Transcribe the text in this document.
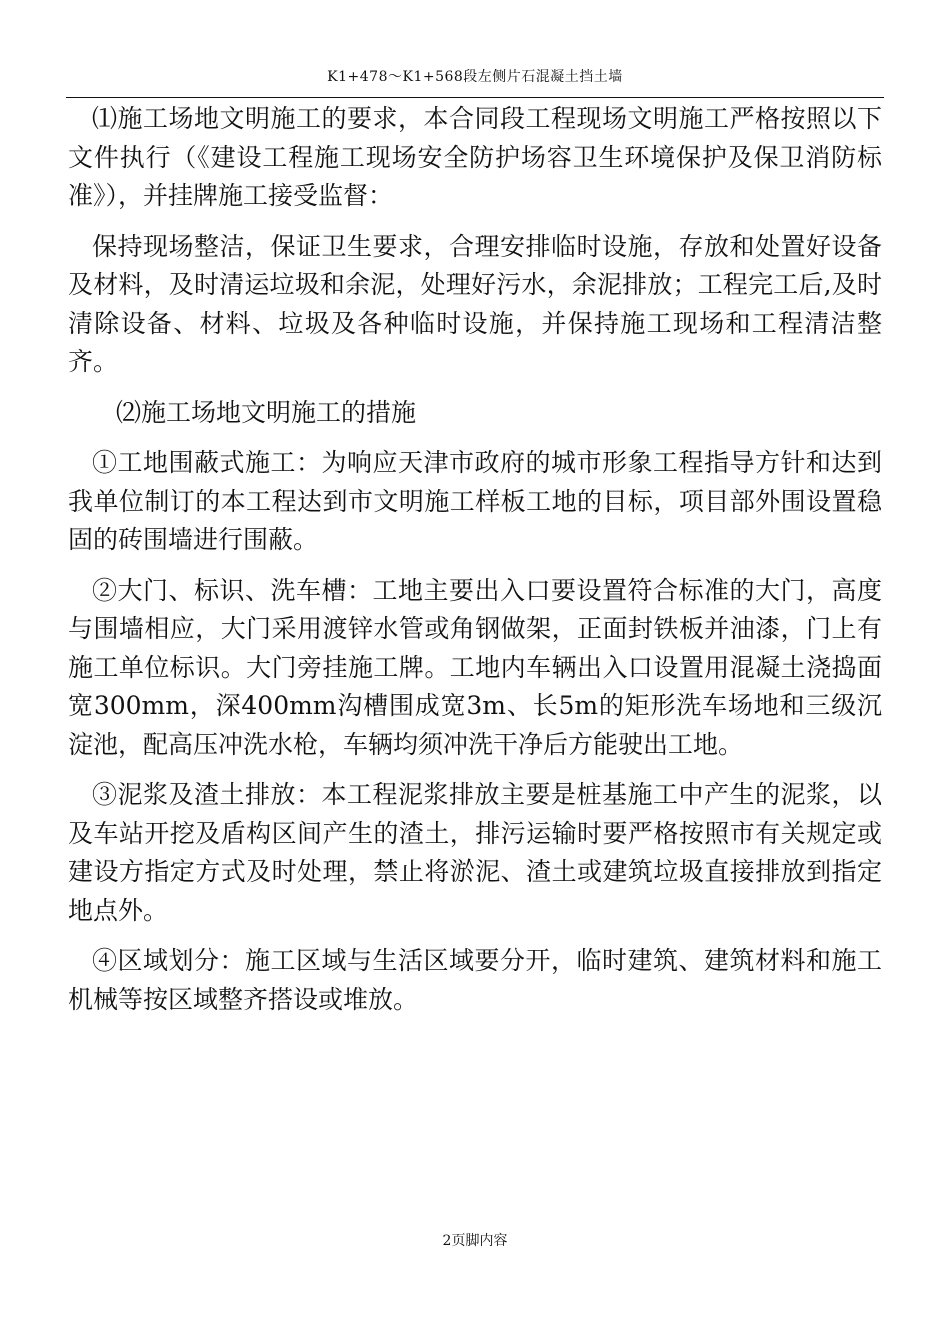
K1+478～K1+568段左侧片石混凝土挡土墙

⑴施工场地文明施工的要求，本合同段工程现场文明施工严格按照以下文件执行（《建设工程施工现场安全防护场容卫生环境保护及保卫消防标准》），并挂牌施工接受监督：

保持现场整洁，保证卫生要求，合理安排临时设施，存放和处置好设备及材料，及时清运垃圾和余泥，处理好污水，余泥排放；工程完工后,及时清除设备、材料、垃圾及各种临时设施，并保持施工现场和工程清洁整齐。

⑵施工场地文明施工的措施

①工地围蔽式施工：为响应天津市政府的城市形象工程指导方针和达到我单位制订的本工程达到市文明施工样板工地的目标，项目部外围设置稳固的砖围墙进行围蔽。

②大门、标识、洗车槽：工地主要出入口要设置符合标准的大门，高度与围墙相应，大门采用渡锌水管或角钢做架，正面封铁板并油漆，门上有施工单位标识。大门旁挂施工牌。工地内车辆出入口设置用混凝土浇捣面宽300mm，深400mm沟槽围成宽3m、长5m的矩形洗车场地和三级沉淀池，配高压冲洗水枪，车辆均须冲洗干净后方能驶出工地。

③泥浆及渣土排放：本工程泥浆排放主要是桩基施工中产生的泥浆，以及车站开挖及盾构区间产生的渣土，排污运输时要严格按照市有关规定或建设方指定方式及时处理，禁止将淤泥、渣土或建筑垃圾直接排放到指定地点外。

④区域划分：施工区域与生活区域要分开，临时建筑、建筑材料和施工机械等按区域整齐搭设或堆放。

2页脚内容
